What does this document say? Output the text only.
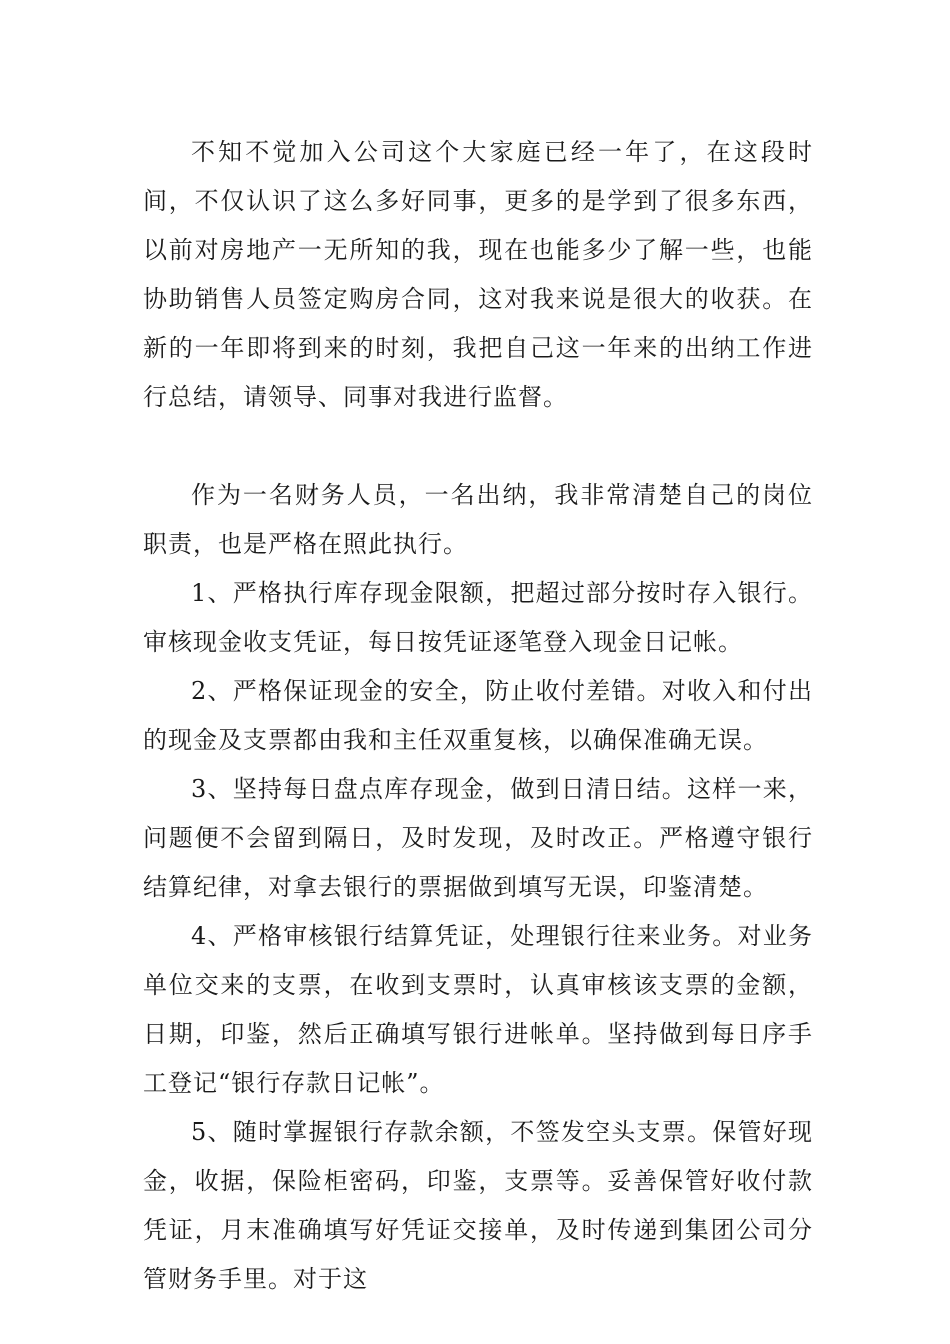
不知不觉加入公司这个大家庭已经一年了，在这段时间，不仅认识了这么多好同事，更多的是学到了很多东西，以前对房地产一无所知的我，现在也能多少了解一些，也能协助销售人员签定购房合同，这对我来说是很大的收获。在新的一年即将到来的时刻，我把自己这一年来的出纳工作进行总结，请领导、同事对我进行监督。

作为一名财务人员，一名出纳，我非常清楚自己的岗位职责，也是严格在照此执行。

1、严格执行库存现金限额，把超过部分按时存入银行。审核现金收支凭证，每日按凭证逐笔登入现金日记帐。

2、严格保证现金的安全，防止收付差错。对收入和付出的现金及支票都由我和主任双重复核，以确保准确无误。

3、坚持每日盘点库存现金，做到日清日结。这样一来，问题便不会留到隔日，及时发现，及时改正。严格遵守银行结算纪律，对拿去银行的票据做到填写无误，印鉴清楚。

4、严格审核银行结算凭证，处理银行往来业务。对业务单位交来的支票，在收到支票时，认真审核该支票的金额，日期，印鉴，然后正确填写银行进帐单。坚持做到每日序手工登记“银行存款日记帐”。

5、随时掌握银行存款余额，不签发空头支票。保管好现金，收据，保险柜密码，印鉴，支票等。妥善保管好收付款凭证，月末准确填写好凭证交接单，及时传递到集团公司分管财务手里。对于这
